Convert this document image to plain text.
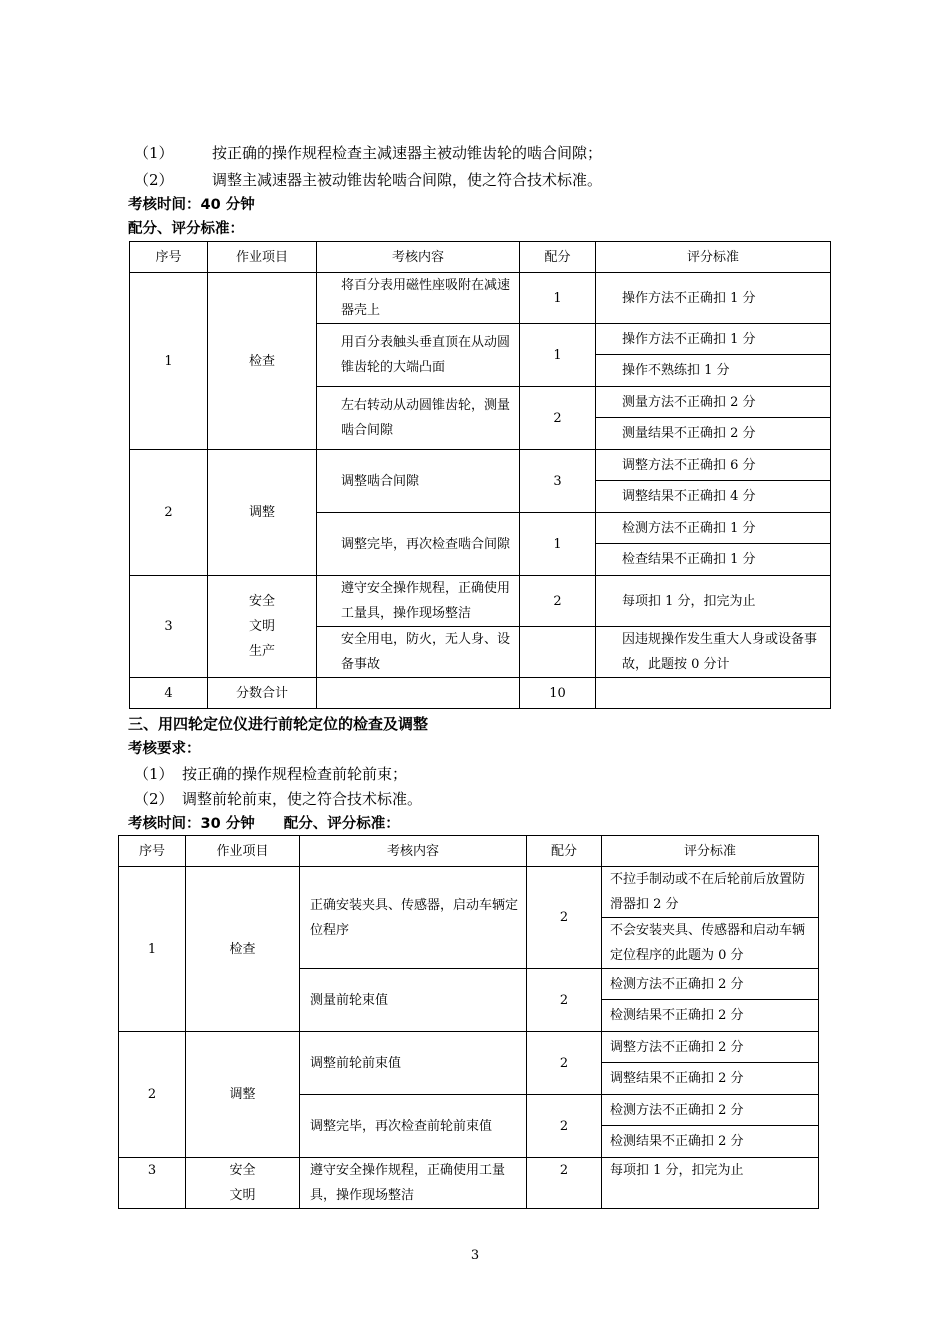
（1）	按正确的操作规程检查主减速器主被动锥齿轮的啮合间隙；
（2）	调整主减速器主被动锥齿轮啮合间隙，使之符合技术标准。
考核时间：40 分钟
配分、评分标准：
序号	作业项目	考核内容	配分	评分标准
1	检查	将百分表用磁性座吸附在减速器壳上	1	操作方法不正确扣 1 分
		用百分表触头垂直顶在从动圆锥齿轮的大端凸面	1	操作方法不正确扣 1 分
				操作不熟练扣 1 分
		左右转动从动圆锥齿轮，测量啮合间隙	2	测量方法不正确扣 2 分
				测量结果不正确扣 2 分
2	调整	调整啮合间隙	3	调整方法不正确扣 6 分
				调整结果不正确扣 4 分
		调整完毕，再次检查啮合间隙	1	检测方法不正确扣 1 分
				检查结果不正确扣 1 分
3	安全
文明
生产	遵守安全操作规程，正确使用工量具，操作现场整洁	2	每项扣 1 分，扣完为止
		安全用电，防火，无人身、设备事故		因违规操作发生重大人身或设备事故，此题按 0 分计
4	分数合计		10	
三、用四轮定位仪进行前轮定位的检查及调整
考核要求：
（1） 按正确的操作规程检查前轮前束；
（2） 调整前轮前束，使之符合技术标准。
考核时间：30 分钟　　配分、评分标准：
序号	作业项目	考核内容	配分	评分标准
1	检查	正确安装夹具、传感器，启动车辆定位程序	2	不拉手制动或不在后轮前后放置防滑器扣 2 分
				不会安装夹具、传感器和启动车辆定位程序的此题为 0 分
		测量前轮束值	2	检测方法不正确扣 2 分
				检测结果不正确扣 2 分
2	调整	调整前轮前束值	2	调整方法不正确扣 2 分
				调整结果不正确扣 2 分
		调整完毕，再次检查前轮前束值	2	检测方法不正确扣 2 分
				检测结果不正确扣 2 分
3	安全
文明	遵守安全操作规程，正确使用工量具，操作现场整洁	2	每项扣 1 分，扣完为止
3
